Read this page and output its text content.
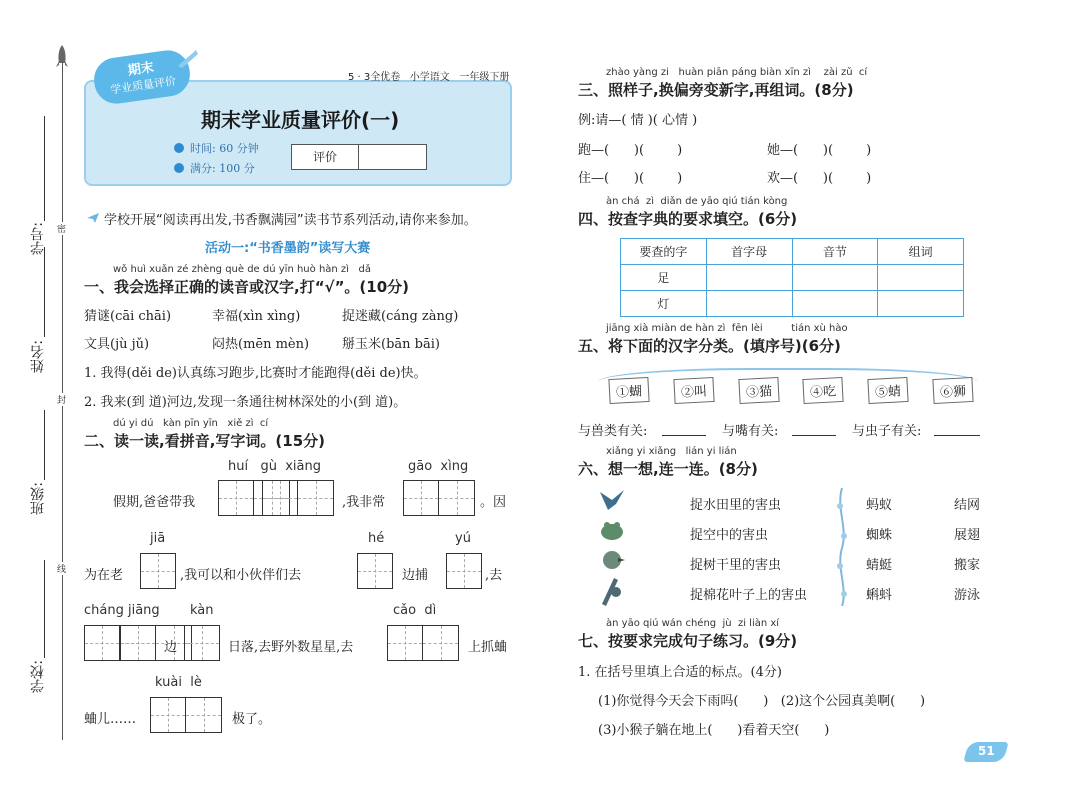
学号:
姓名:
班级:
学校:
密
封
线
期末学业质量评价(一)
时间: 60 分钟
满分: 100 分
评价
期末
学业质量评价	5 · 3全优卷   小学语文   一年级下册
学校开展“阅读再出发,书香飘满园”读书节系列活动,请你来参加。
活动一:“书香墨韵”读写大赛
wǒ huì xuǎn zé zhèng què de dú yīn huò hàn zì   dǎ
一、我会选择正确的读音或汉字,打“√”。(10分)
猜谜(cāi chāi)	幸福(xìn xìng)	捉迷藏(cáng zàng)
文具(jù jǔ)	闷热(mēn mèn)	掰玉米(bān bāi)
1. 我得(děi de)认真练习跑步,比赛时才能跑得(děi de)快。
2. 我来(到 道)河边,发现一条通往树林深处的小(到 道)。
dú yi dú   kàn pīn yīn   xiě zì  cí
二、读一读,看拼音,写字词。(15分)
huí   gù  xiāng	gāo  xìng
假期,爸爸带我	,我非常	。因
jiā	hé	yú
为在老	,我可以和小伙伴们去	边捕	,去
cháng jiāng kàn	cǎo  dì
边	日落,去野外数星星,去	上抓蛐
kuài  lè
蛐儿……	极了。
zhào yàng zi   huàn piān páng biàn xīn zì    zài zǔ  cí
三、照样子,换偏旁变新字,再组词。(8分)
例:请—( 情 )( 心情 )
跑—(      )(        )	她—(      )(        )
住—(      )(        )	欢—(      )(        )
àn chá  zì  diǎn de yāo qiú tián kòng
四、按查字典的要求填空。(6分)
要查的字	首字母	音节	组词
足			
灯			
jiāng xià miàn de hàn zì  fēn lèi         tián xù hào
五、将下面的汉字分类。(填序号)(6分)
①蝴	②叫	③猫	④吃	⑤蜻	⑥狮
与兽类有关:	与嘴有关:	与虫子有关:
xiǎng yi xiǎng   lián yi lián
六、想一想,连一连。(8分)
捉水田里的害虫
捉空中的害虫
捉树干里的害虫
捉棉花叶子上的害虫
蚂蚁
蜘蛛
蜻蜓
蝌蚪
结网
展翅
搬家
游泳
àn yāo qiú wán chéng  jù  zi liàn xí
七、按要求完成句子练习。(9分)
1. 在括号里填上合适的标点。(4分)
(1)你觉得今天会下雨吗(      )   (2)这个公园真美啊(      )
(3)小猴子躺在地上(      )看着天空(      )
51
